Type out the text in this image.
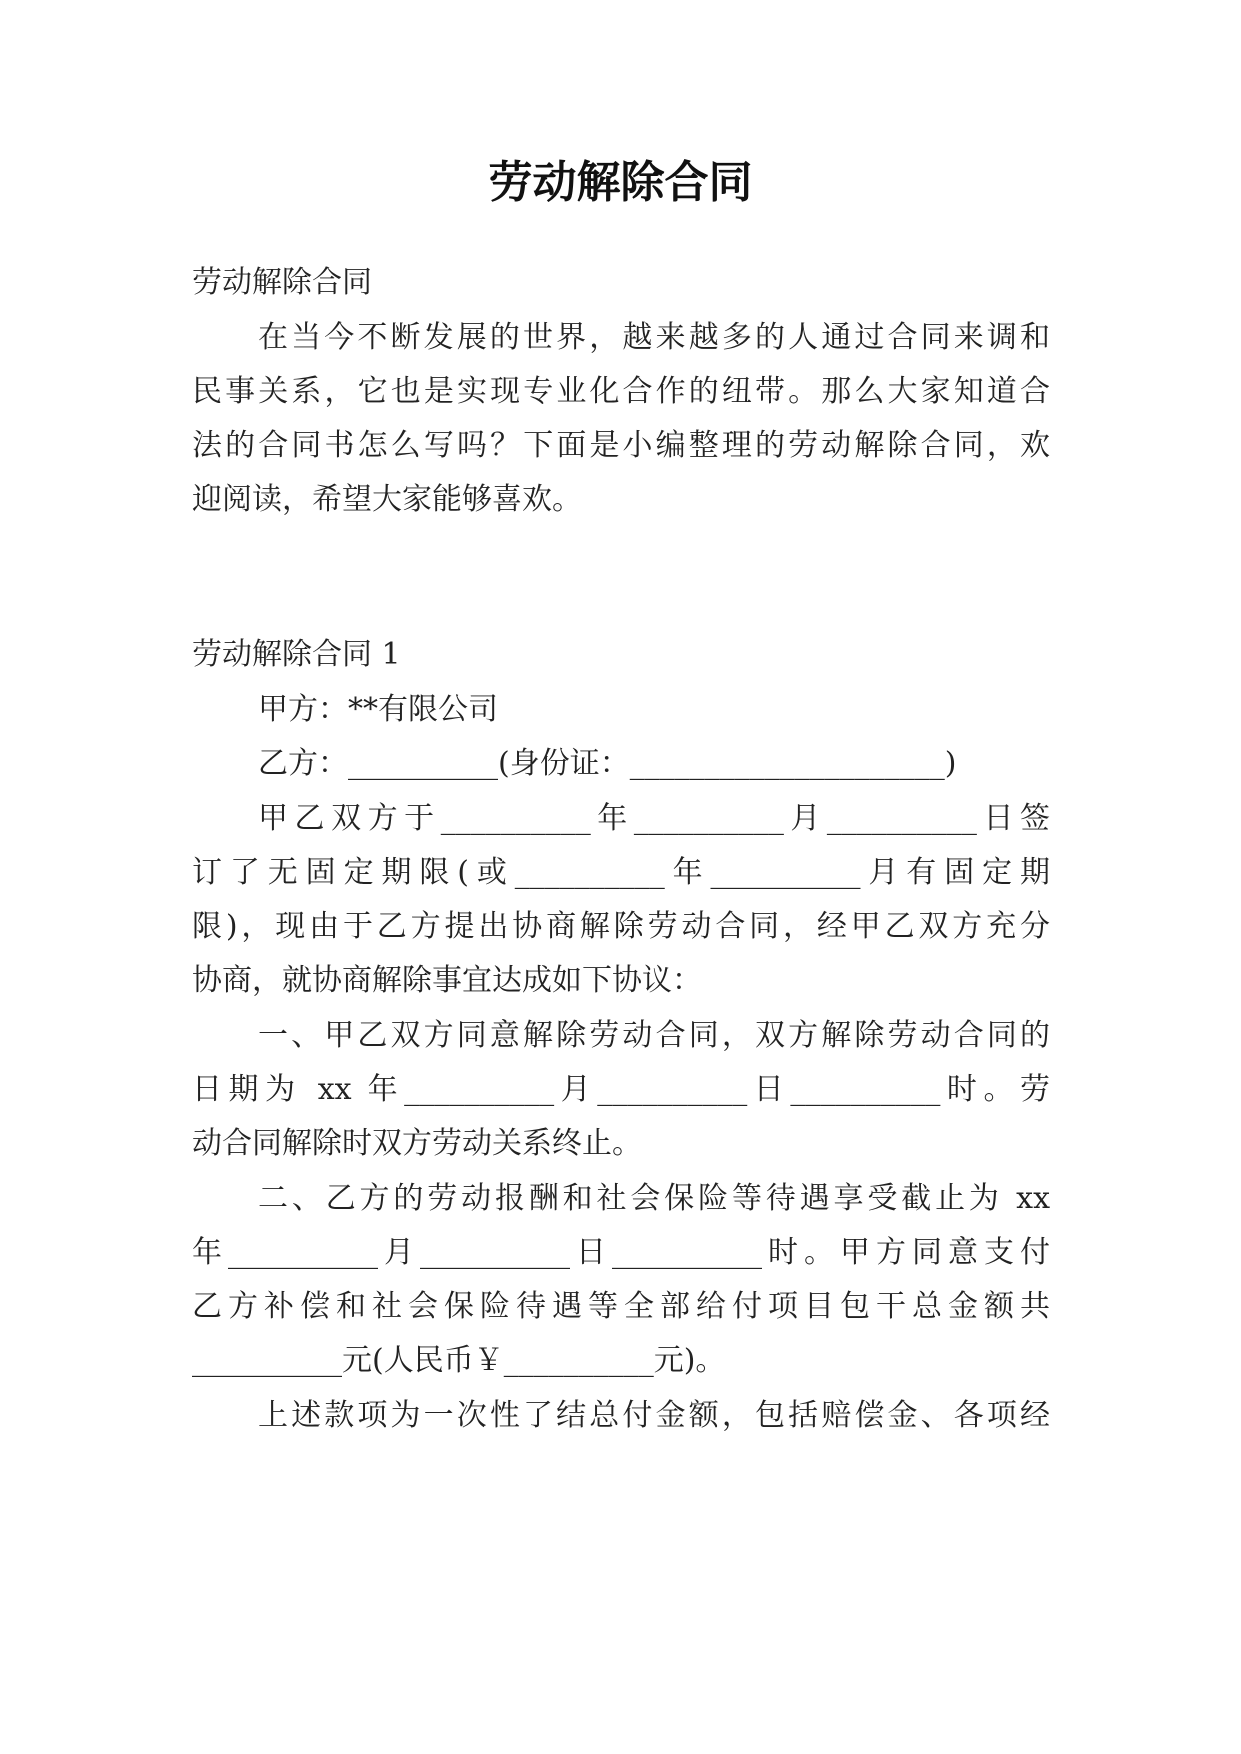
劳动解除合同
劳动解除合同
在当今不断发展的世界，越来越多的人通过合同来调和
民事关系，它也是实现专业化合作的纽带。那么大家知道合
法的合同书怎么写吗？下面是小编整理的劳动解除合同，欢
迎阅读，希望大家能够喜欢。
劳动解除合同 1
甲方：**有限公司
乙方：__________(身份证：_____________________)
甲乙双方于__________年__________月__________日签
订了无固定期限(或__________年__________月有固定期
限)，现由于乙方提出协商解除劳动合同，经甲乙双方充分
协商，就协商解除事宜达成如下协议：
一、甲乙双方同意解除劳动合同，双方解除劳动合同的
日期为 xx 年__________月__________日__________时。劳
动合同解除时双方劳动关系终止。
二、乙方的劳动报酬和社会保险等待遇享受截止为 xx
年__________月__________日__________时。甲方同意支付
乙方补偿和社会保险待遇等全部给付项目包干总金额共
__________元(人民币￥__________元)。
上述款项为一次性了结总付金额，包括赔偿金、各项经
